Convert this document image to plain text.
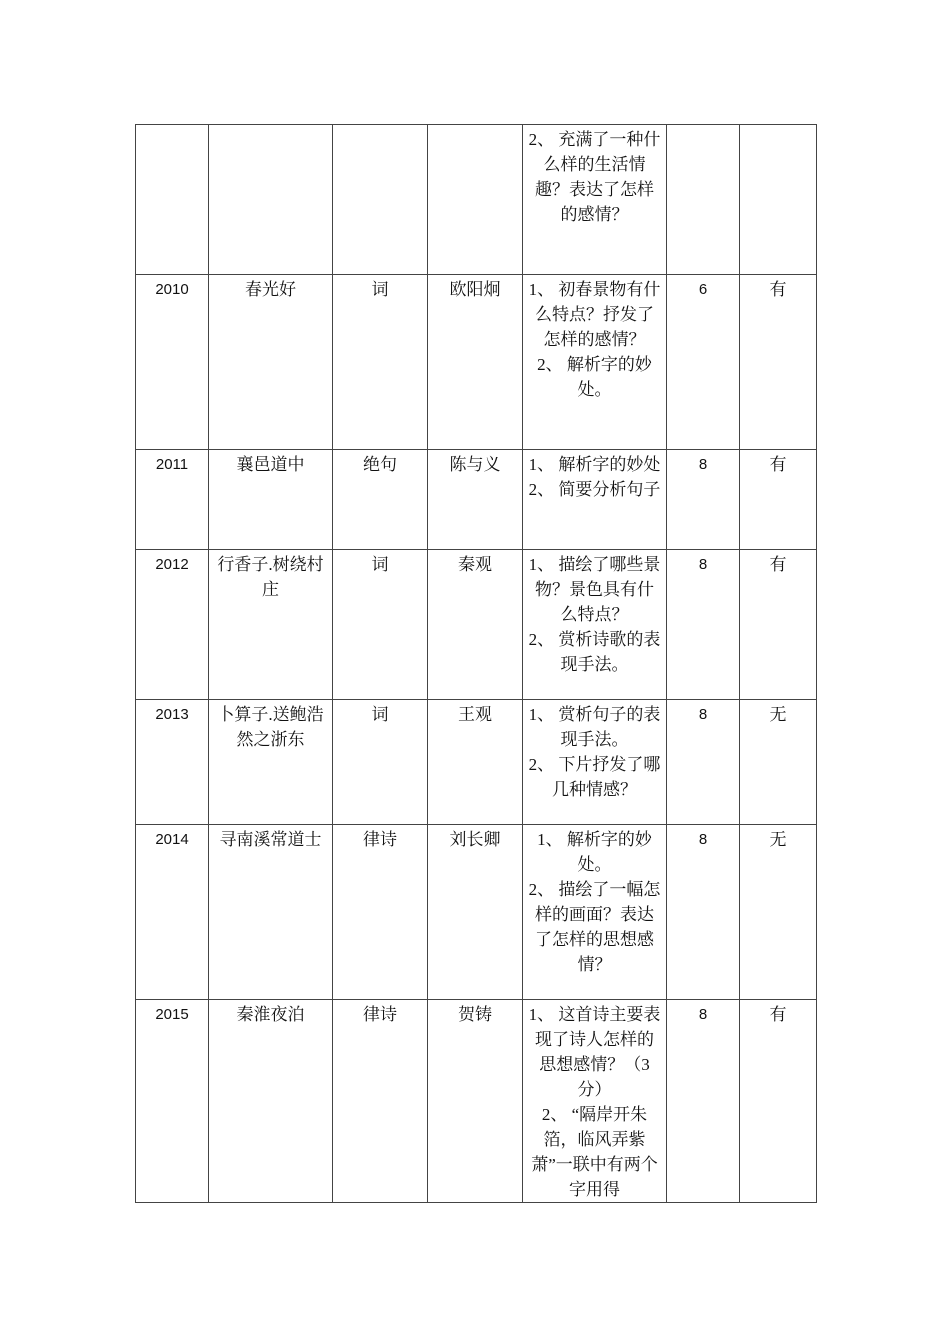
				2、 充满了一种什么样的生活情趣？表达了怎样的感情？		

2010	春光好	词	欧阳炯	1、 初春景物有什么特点？抒发了怎样的感情？
2、 解析字的妙处。	6	有
2011	襄邑道中	绝句	陈与义	1、 解析字的妙处
2、 简要分析句子	8	有
2012	行香子.树绕村庄	词	秦观	1、 描绘了哪些景物？景色具有什么特点？
2、 赏析诗歌的表现手法。	8	有
2013	卜算子.送鲍浩然之浙东	词	王观	1、 赏析句子的表现手法。
2、 下片抒发了哪几种情感？	8	无
2014	寻南溪常道士	律诗	刘长卿	1、 解析字的妙处。
2、 描绘了一幅怎样的画面？表达了怎样的思想感情？	8	无
2015	秦淮夜泊	律诗	贺铸	1、 这首诗主要表现了诗人怎样的思想感情？（3分）
2、 “隔岸开朱箔，临风弄紫萧”一联中有两个字用得	8	有
